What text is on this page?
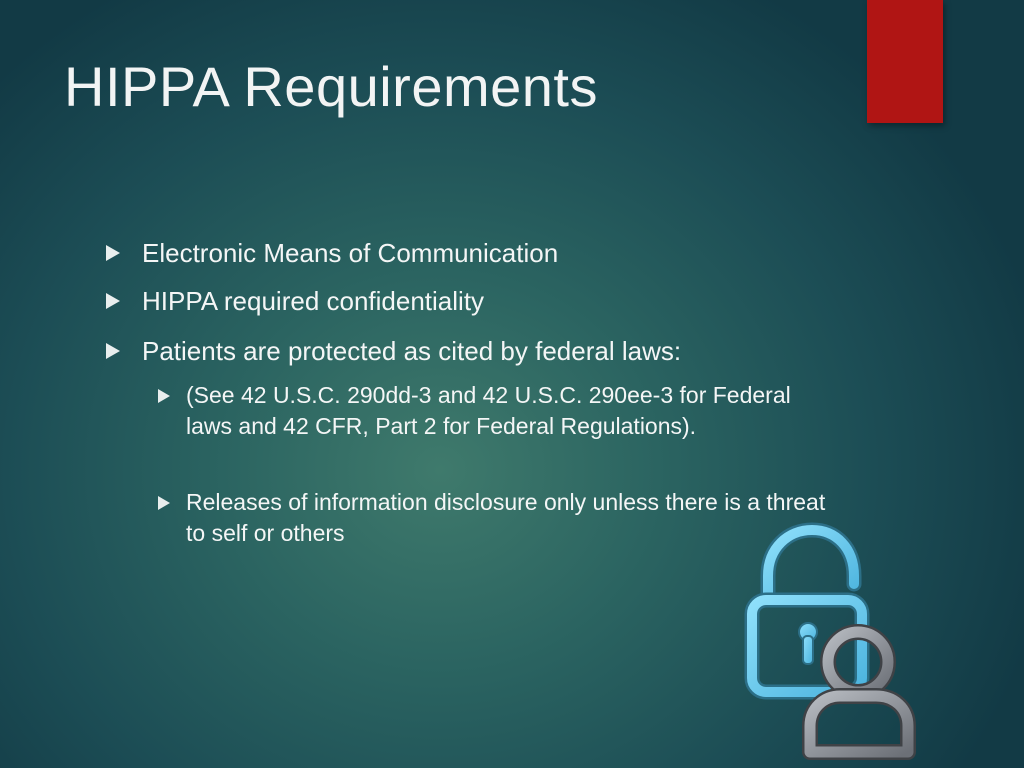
HIPPA Requirements
Electronic Means of Communication
HIPPA required confidentiality
Patients are protected as cited by federal laws:
(See 42 U.S.C. 290dd-3 and 42 U.S.C. 290ee-3 for Federal laws and 42 CFR, Part 2 for Federal Regulations).
Releases of information disclosure only unless there is a threat to self or others
